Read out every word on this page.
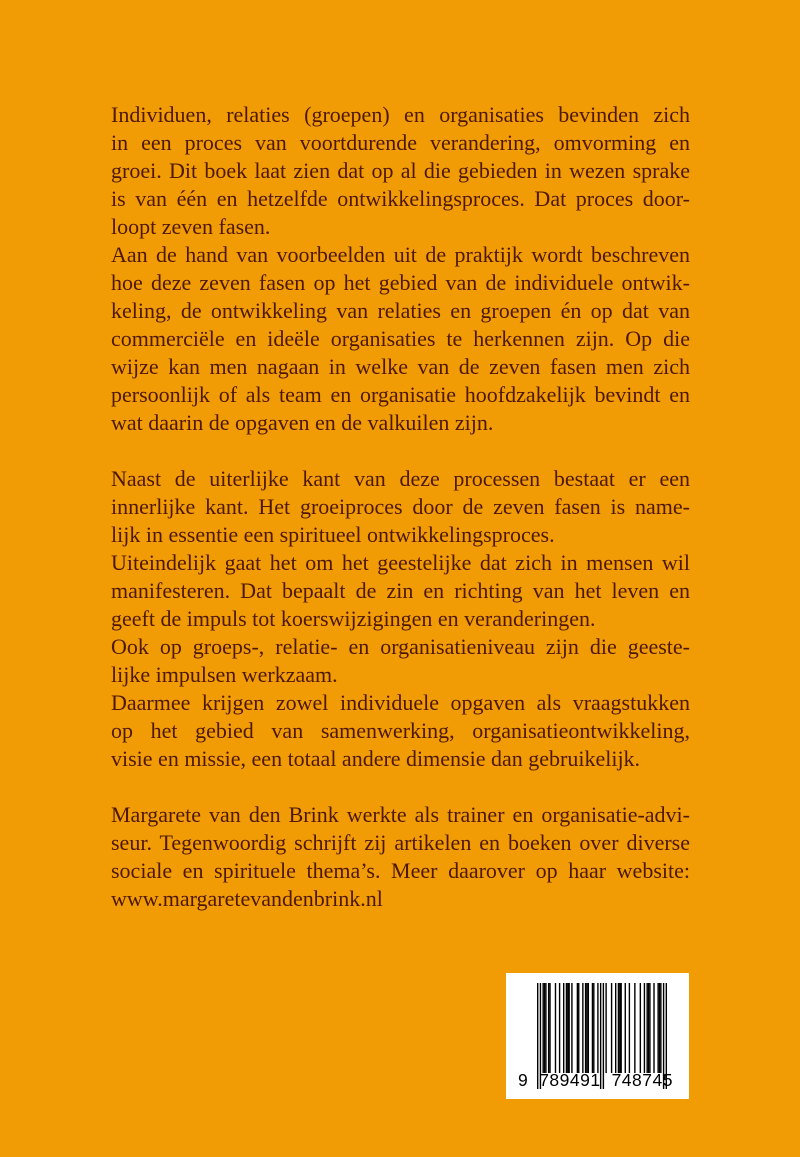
Individuen, relaties (groepen) en organisaties bevinden zich
in een proces van voortdurende verandering, omvorming en
groei. Dit boek laat zien dat op al die gebieden in wezen sprake
is van één en hetzelfde ontwikkelingsproces. Dat proces door-
loopt zeven fasen.
Aan de hand van voorbeelden uit de praktijk wordt beschreven
hoe deze zeven fasen op het gebied van de individuele ontwik-
keling, de ontwikkeling van relaties en groepen én op dat van
commerciële en ideële organisaties te herkennen zijn. Op die
wijze kan men nagaan in welke van de zeven fasen men zich
persoonlijk of als team en organisatie hoofdzakelijk bevindt en
wat daarin de opgaven en de valkuilen zijn.
Naast de uiterlijke kant van deze processen bestaat er een
innerlijke kant. Het groeiproces door de zeven fasen is name-
lijk in essentie een spiritueel ontwikkelingsproces.
Uiteindelijk gaat het om het geestelijke dat zich in mensen wil
manifesteren. Dat bepaalt de zin en richting van het leven en
geeft de impuls tot koerswijzigingen en veranderingen.
Ook op groeps-, relatie- en organisatieniveau zijn die geeste-
lijke impulsen werkzaam.
Daarmee krijgen zowel individuele opgaven als vraagstukken
op het gebied van samenwerking, organisatieontwikkeling,
visie en missie, een totaal andere dimensie dan gebruikelijk.
Margarete van den Brink werkte als trainer en organisatie-advi-
seur. Tegenwoordig schrijft zij artikelen en boeken over diverse
sociale en spirituele thema’s. Meer daarover op haar website:
www.margaretevandenbrink.nl
9 789491 748745
